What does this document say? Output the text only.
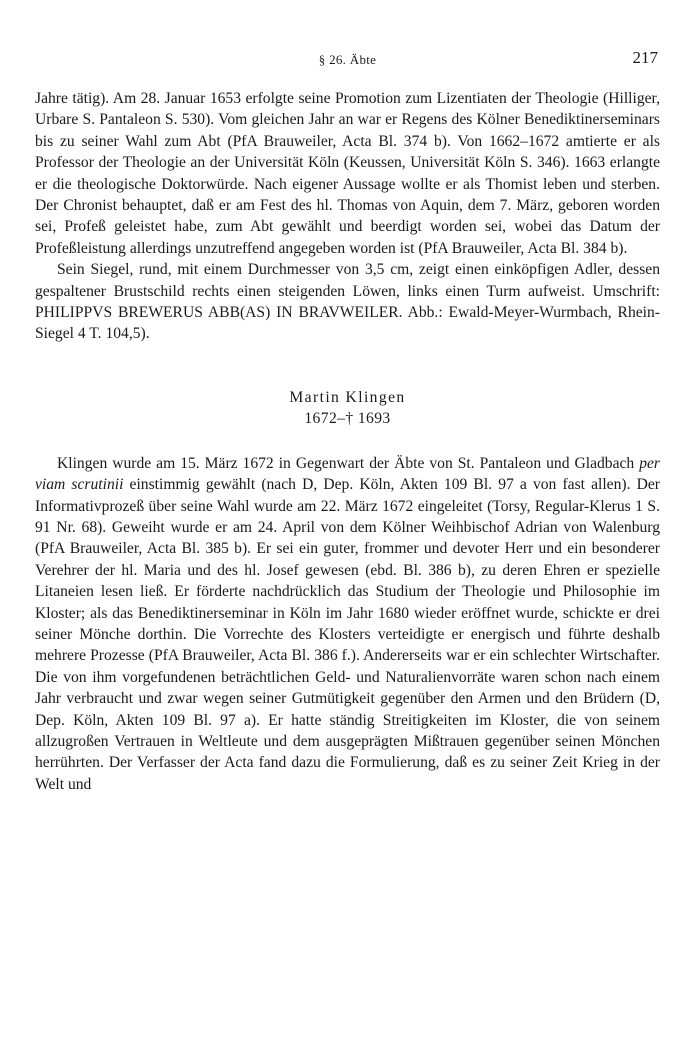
§ 26. Äbte	217

Jahre tätig). Am 28. Januar 1653 erfolgte seine Promotion zum Lizentiaten der Theologie (Hilliger, Urbare S. Pantaleon S. 530). Vom gleichen Jahr an war er Regens des Kölner Benediktinerseminars bis zu seiner Wahl zum Abt (PfA Brauweiler, Acta Bl. 374 b). Von 1662–1672 amtierte er als Professor der Theologie an der Universität Köln (Keussen, Universität Köln S. 346). 1663 erlangte er die theologische Doktorwürde. Nach eigener Aussage wollte er als Thomist leben und sterben. Der Chronist behauptet, daß er am Fest des hl. Thomas von Aquin, dem 7. März, geboren worden sei, Profeß geleistet habe, zum Abt gewählt und beerdigt worden sei, wobei das Datum der Profeßleistung allerdings unzutreffend angegeben worden ist (PfA Brauweiler, Acta Bl. 384 b).

Sein Siegel, rund, mit einem Durchmesser von 3,5 cm, zeigt einen einköpfigen Adler, dessen gespaltener Brustschild rechts einen steigenden Löwen, links einen Turm aufweist. Umschrift: PHILIPPVS BREWERUS ABB(AS) IN BRAVWEILER. Abb.: Ewald-Meyer-Wurmbach, Rhein-Siegel 4 T. 104,5).

Martin Klingen
1672–† 1693

Klingen wurde am 15. März 1672 in Gegenwart der Äbte von St. Pantaleon und Gladbach per viam scrutinii einstimmig gewählt (nach D, Dep. Köln, Akten 109 Bl. 97 a von fast allen). Der Informativprozeß über seine Wahl wurde am 22. März 1672 eingeleitet (Torsy, Regular-Klerus 1 S. 91 Nr. 68). Geweiht wurde er am 24. April von dem Kölner Weihbischof Adrian von Walenburg (PfA Brauweiler, Acta Bl. 385 b). Er sei ein guter, frommer und devoter Herr und ein besonderer Verehrer der hl. Maria und des hl. Josef gewesen (ebd. Bl. 386 b), zu deren Ehren er spezielle Litaneien lesen ließ. Er förderte nachdrücklich das Studium der Theologie und Philosophie im Kloster; als das Benediktinerseminar in Köln im Jahr 1680 wieder eröffnet wurde, schickte er drei seiner Mönche dorthin. Die Vorrechte des Klosters verteidigte er energisch und führte deshalb mehrere Prozesse (PfA Brauweiler, Acta Bl. 386 f.). Andererseits war er ein schlechter Wirtschafter. Die von ihm vorgefundenen beträchtlichen Geld- und Naturalienvorräte waren schon nach einem Jahr verbraucht und zwar wegen seiner Gutmütigkeit gegenüber den Armen und den Brüdern (D, Dep. Köln, Akten 109 Bl. 97 a). Er hatte ständig Streitigkeiten im Kloster, die von seinem allzugroßen Vertrauen in Weltleute und dem ausgeprägten Mißtrauen gegenüber seinen Mönchen herrührten. Der Verfasser der Acta fand dazu die Formulierung, daß es zu seiner Zeit Krieg in der Welt und
